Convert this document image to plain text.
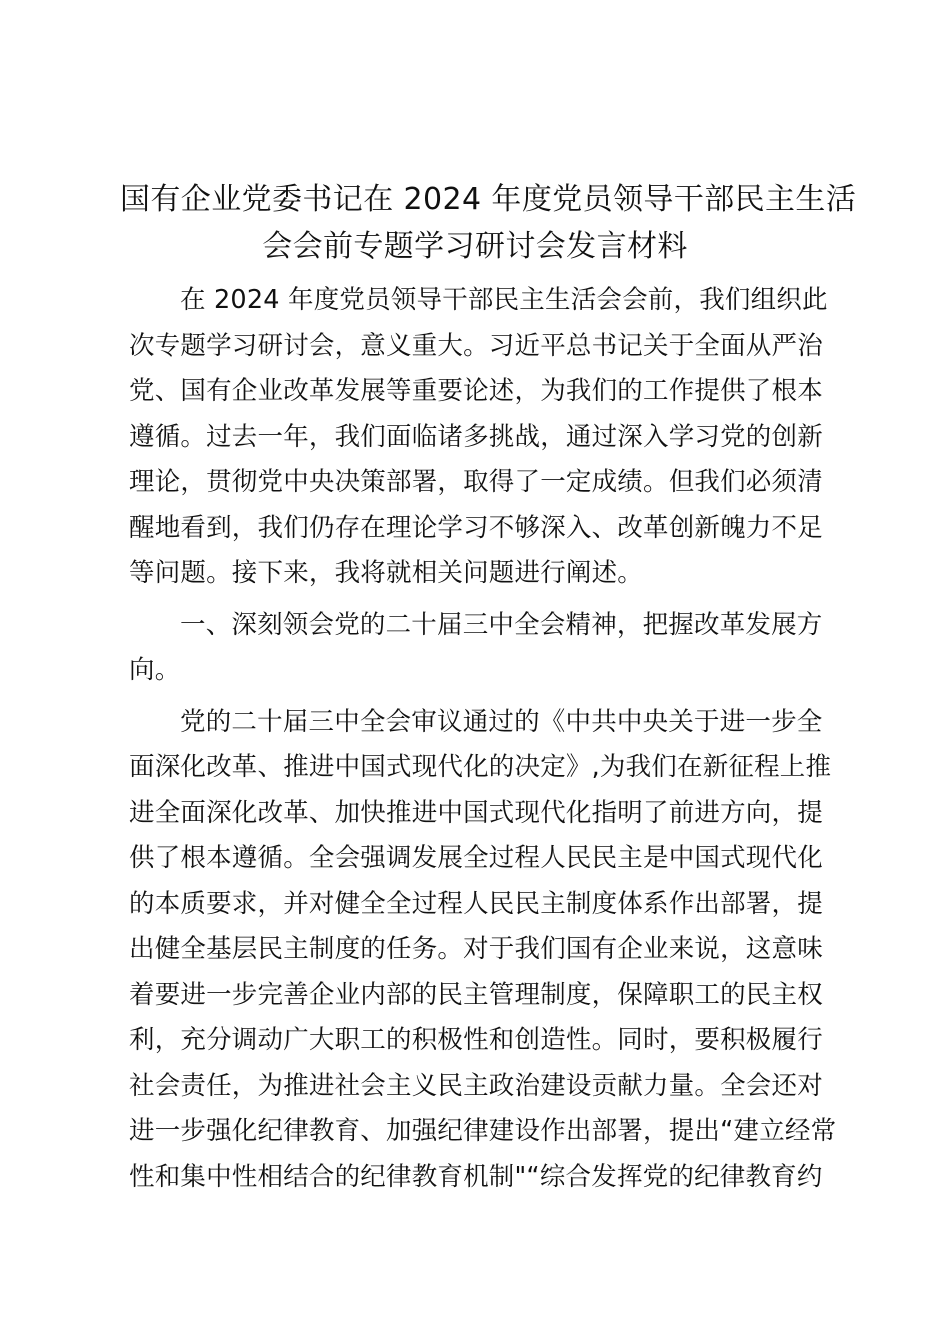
国有企业党委书记在 2024 年度党员领导干部民主生活
会会前专题学习研讨会发言材料

在 2024 年度党员领导干部民主生活会会前，我们组织此
次专题学习研讨会，意义重大。习近平总书记关于全面从严治
党、国有企业改革发展等重要论述，为我们的工作提供了根本
遵循。过去一年，我们面临诸多挑战，通过深入学习党的创新
理论，贯彻党中央决策部署，取得了一定成绩。但我们必须清
醒地看到，我们仍存在理论学习不够深入、改革创新魄力不足
等问题。接下来，我将就相关问题进行阐述。

一、深刻领会党的二十届三中全会精神，把握改革发展方
向。

党的二十届三中全会审议通过的《中共中央关于进一步全
面深化改革、推进中国式现代化的决定》,为我们在新征程上推
进全面深化改革、加快推进中国式现代化指明了前进方向，提
供了根本遵循。全会强调发展全过程人民民主是中国式现代化
的本质要求，并对健全全过程人民民主制度体系作出部署，提
出健全基层民主制度的任务。对于我们国有企业来说，这意味
着要进一步完善企业内部的民主管理制度，保障职工的民主权
利，充分调动广大职工的积极性和创造性。同时，要积极履行
社会责任，为推进社会主义民主政治建设贡献力量。全会还对
进一步强化纪律教育、加强纪律建设作出部署，提出“建立经常
性和集中性相结合的纪律教育机制"“综合发挥党的纪律教育约
